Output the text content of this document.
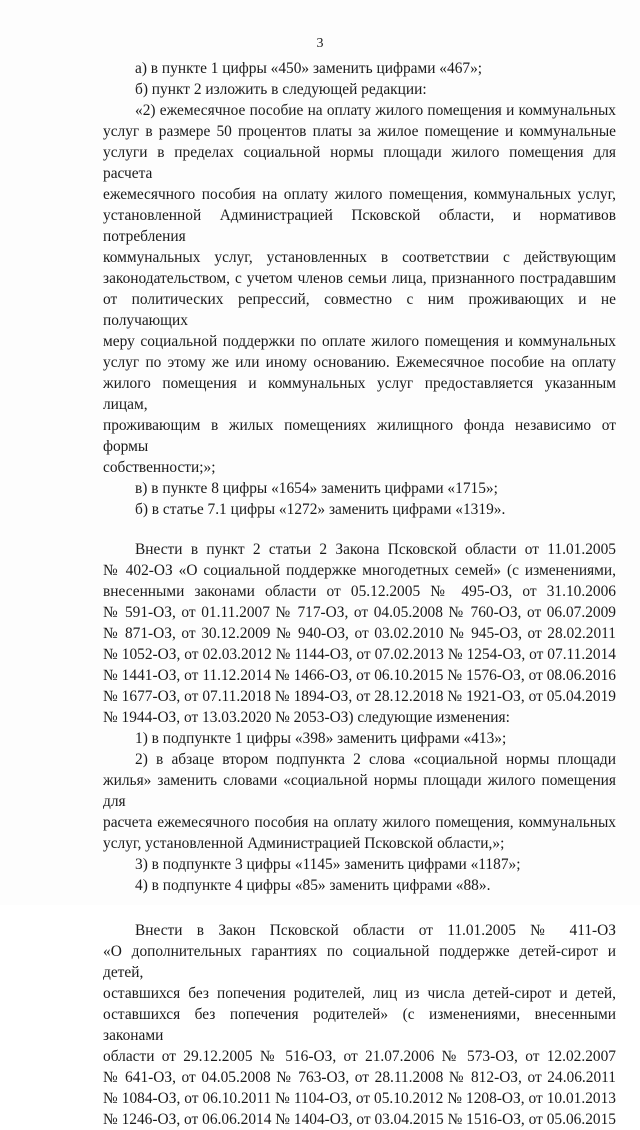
3

а) в пункте 1 цифры «450» заменить цифрами «467»;

б) пункт 2 изложить в следующей редакции:

«2) ежемесячное пособие на оплату жилого помещения и коммунальных

услуг в размере 50 процентов платы за жилое помещение и коммунальные

услуги в пределах социальной нормы площади жилого помещения для расчета

ежемесячного пособия на оплату жилого помещения, коммунальных услуг,

установленной Администрацией Псковской области, и нормативов потребления

коммунальных услуг, установленных в соответствии с действующим

законодательством, с учетом членов семьи лица, признанного пострадавшим

от политических репрессий, совместно с ним проживающих и не получающих

меру социальной поддержки по оплате жилого помещения и коммунальных

услуг по этому же или иному основанию. Ежемесячное пособие на оплату

жилого помещения и коммунальных услуг предоставляется указанным лицам,

проживающим в жилых помещениях жилищного фонда независимо от формы

собственности;»;

в) в пункте 8 цифры «1654» заменить цифрами «1715»;

б) в статье 7.1 цифры «1272» заменить цифрами «1319».

Внести в пункт 2 статьи 2 Закона Псковской области от 11.01.2005

№ 402-ОЗ «О социальной поддержке многодетных семей» (с изменениями,

внесенными законами области от 05.12.2005 № 495-ОЗ, от 31.10.2006

№ 591-ОЗ, от 01.11.2007 № 717-ОЗ, от 04.05.2008 № 760-ОЗ, от 06.07.2009

№ 871-ОЗ, от 30.12.2009 № 940-ОЗ, от 03.02.2010 № 945-ОЗ, от 28.02.2011

№ 1052-ОЗ, от 02.03.2012 № 1144-ОЗ, от 07.02.2013 № 1254-ОЗ, от 07.11.2014

№ 1441-ОЗ, от 11.12.2014 № 1466-ОЗ, от 06.10.2015 № 1576-ОЗ, от 08.06.2016

№ 1677-ОЗ, от 07.11.2018 № 1894-ОЗ, от 28.12.2018 № 1921-ОЗ, от 05.04.2019

№ 1944-ОЗ, от 13.03.2020 № 2053-ОЗ) следующие изменения:

1) в подпункте 1 цифры «398» заменить цифрами «413»;

2) в абзаце втором подпункта 2 слова «социальной нормы площади

жилья» заменить словами «социальной нормы площади жилого помещения для

расчета ежемесячного пособия на оплату жилого помещения, коммунальных

услуг, установленной Администрацией Псковской области,»;

3) в подпункте 3 цифры «1145» заменить цифрами «1187»;

4) в подпункте 4 цифры «85» заменить цифрами «88».

Внести в Закон Псковской области от 11.01.2005 № 411-ОЗ

«О дополнительных гарантиях по социальной поддержке детей-сирот и детей,

оставшихся без попечения родителей, лиц из числа детей-сирот и детей,

оставшихся без попечения родителей» (с изменениями, внесенными законами

области от 29.12.2005 № 516-ОЗ, от 21.07.2006 № 573-ОЗ, от 12.02.2007

№ 641-ОЗ, от 04.05.2008 № 763-ОЗ, от 28.11.2008 № 812-ОЗ, от 24.06.2011

№ 1084-ОЗ, от 06.10.2011 № 1104-ОЗ, от 05.10.2012 № 1208-ОЗ, от 10.01.2013

№ 1246-ОЗ, от 06.06.2014 № 1404-ОЗ, от 03.04.2015 № 1516-ОЗ, от 05.06.2015
